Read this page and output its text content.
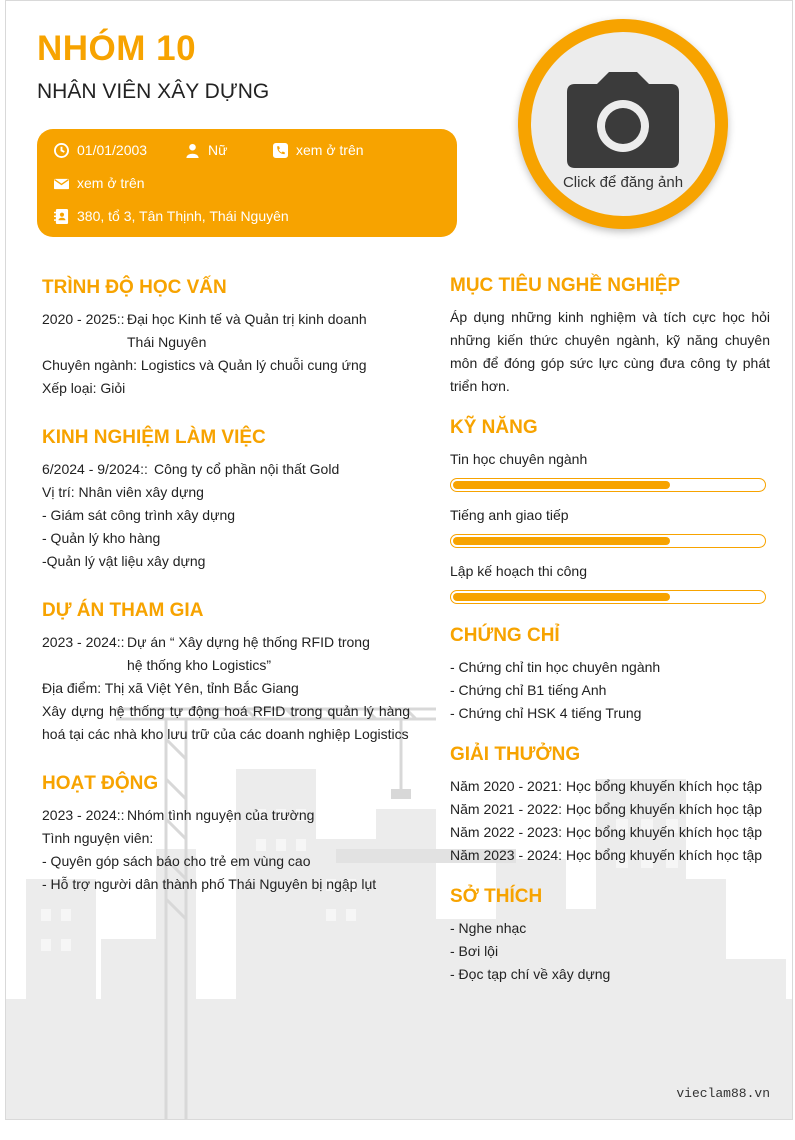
NHÓM 10
NHÂN VIÊN XÂY DỰNG
01/01/2003	Nữ	xem ở trên
xem ở trên
380, tổ 3, Tân Thịnh, Thái Nguyên
Click để đăng ảnh
TRÌNH ĐỘ HỌC VẤN
2020 - 2025:: Đại học Kinh tế và Quản trị kinh doanh
Thái Nguyên
Chuyên ngành: Logistics và Quản lý chuỗi cung ứng
Xếp loại: Giỏi
KINH NGHIỆM LÀM VIỆC
6/2024 - 9/2024:: Công ty cổ phần nội thất Gold
Vị trí: Nhân viên xây dựng
- Giám sát công trình xây dựng
- Quản lý kho hàng
-Quản lý vật liệu xây dựng
DỰ ÁN THAM GIA
2023 - 2024:: Dự án “ Xây dựng hệ thống RFID trong
hệ thống kho Logistics”
Địa điểm: Thị xã Việt Yên, tỉnh Bắc Giang
Xây dựng hệ thống tự động hoá RFID trong quản lý hàng hoá tại các nhà kho lưu trữ của các doanh nghiệp Logistics
HOẠT ĐỘNG
2023 - 2024:: Nhóm tình nguyện của trường
Tình nguyện viên:
- Quyên góp sách báo cho trẻ em vùng cao
- Hỗ trợ người dân thành phố Thái Nguyên bị ngập lụt
MỤC TIÊU NGHỀ NGHIỆP
Áp dụng những kinh nghiệm và tích cực học hỏi những kiến thức chuyên ngành, kỹ năng chuyên môn để đóng góp sức lực cùng đưa công ty phát triển hơn.
KỸ NĂNG
Tin học chuyên ngành
Tiếng anh giao tiếp
Lập kế hoạch thi công
CHỨNG CHỈ
- Chứng chỉ tin học chuyên ngành
- Chứng chỉ B1 tiếng Anh
- Chứng chỉ HSK 4 tiếng Trung
GIẢI THƯỞNG
Năm 2020 - 2021: Học bổng khuyến khích học tập
Năm 2021 - 2022: Học bổng khuyến khích học tập
Năm 2022 - 2023: Học bổng khuyến khích học tập
Năm 2023 - 2024: Học bổng khuyến khích học tập
SỞ THÍCH
- Nghe nhạc
- Bơi lội
- Đọc tạp chí về xây dựng
vieclam88.vn
